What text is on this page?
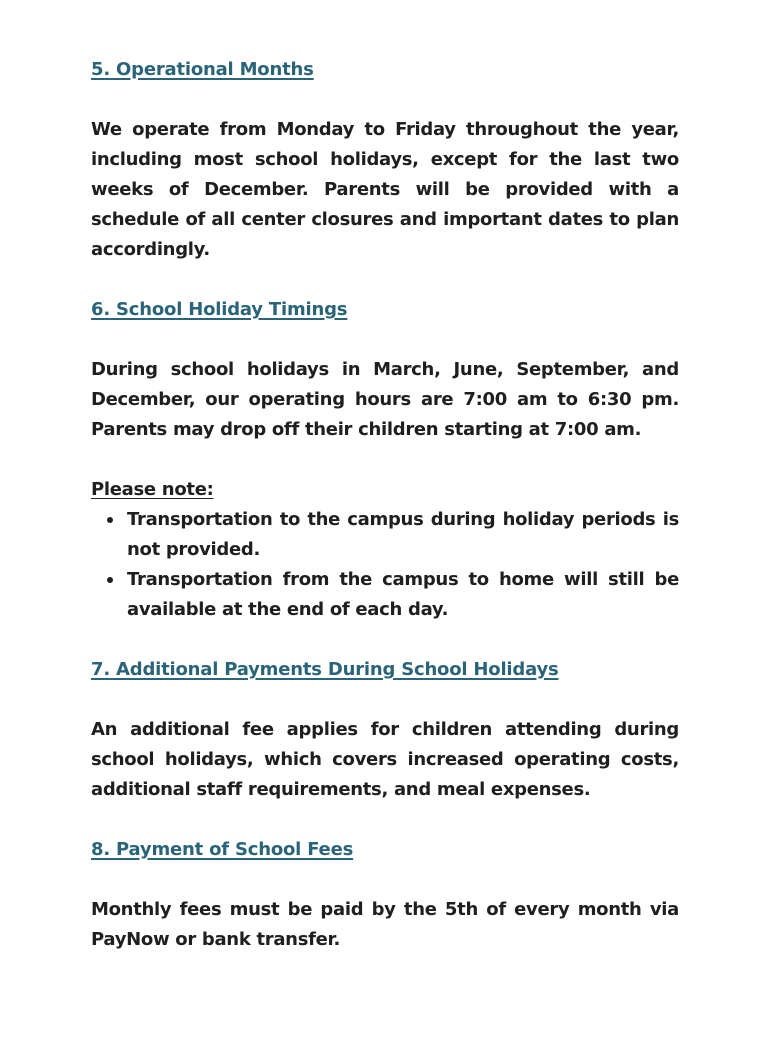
5. Operational Months

We operate from Monday to Friday throughout the year, including most school holidays, except for the last two weeks of December. Parents will be provided with a schedule of all center closures and important dates to plan accordingly.

6. School Holiday Timings

During school holidays in March, June, September, and December, our operating hours are 7:00 am to 6:30 pm. Parents may drop off their children starting at 7:00 am.

Please note:

Transportation to the campus during holiday periods is not provided.
Transportation from the campus to home will still be available at the end of each day.
7. Additional Payments During School Holidays

An additional fee applies for children attending during school holidays, which covers increased operating costs, additional staff requirements, and meal expenses.

8. Payment of School Fees

Monthly fees must be paid by the 5th of every month via PayNow or bank transfer.
